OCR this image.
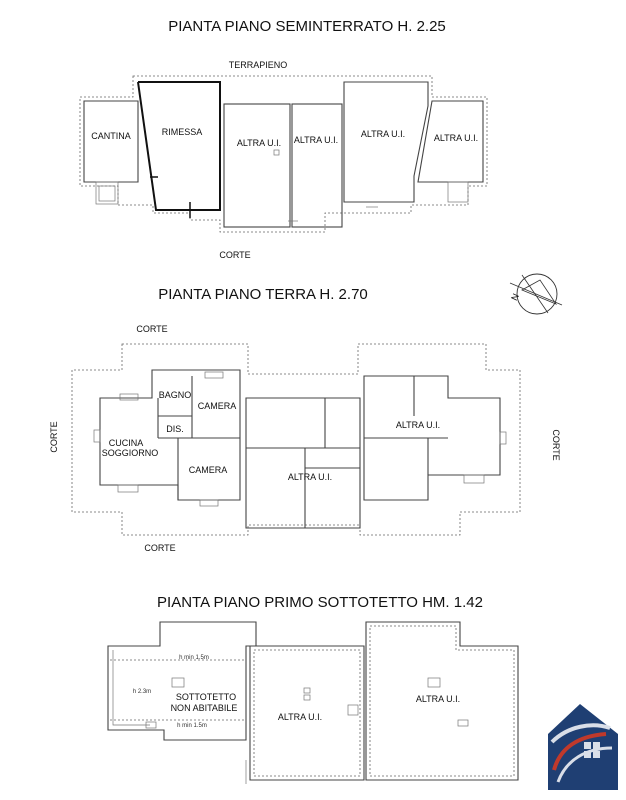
PIANTA PIANO SEMINTERRATO H. 2.25
TERRAPIENO
CORTE
CANTINA	RIMESSA
ALTRA U.I. ALTRA U.I.
ALTRA U.I.	ALTRA U.I.
N
PIANTA PIANO TERRA H. 2.70
CORTE
CORTE
CORTE	CORTE
BAGNO
CAMERA
DIS.
CUCINA
SOGGIORNO
CAMERA
ALTRA U.I.
ALTRA U.I.
PIANTA PIANO PRIMO SOTTOTETTO HM. 1.42
h min 1.5m
h 2.3m
h min 1.5m
SOTTOTETTO
NON ABITABILE
ALTRA U.I.
ALTRA U.I.
